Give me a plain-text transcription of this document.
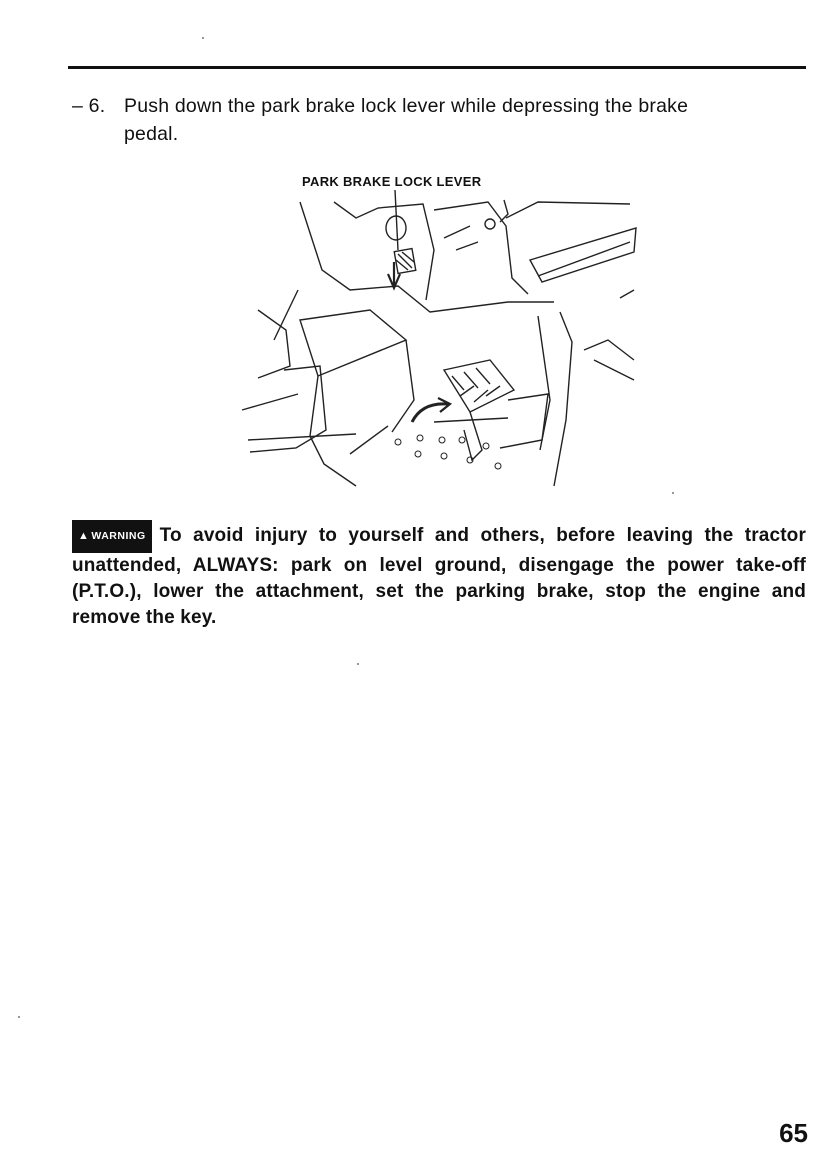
– 6. Push down the park brake lock lever while depressing the brake
pedal.
PARK BRAKE LOCK LEVER
▲ WARNING To avoid injury to yourself and others, before leaving the tractor unattended, ALWAYS: park on level ground, disengage the power take-off (P.T.O.), lower the attachment, set the parking brake, stop the engine and remove the key.
65
